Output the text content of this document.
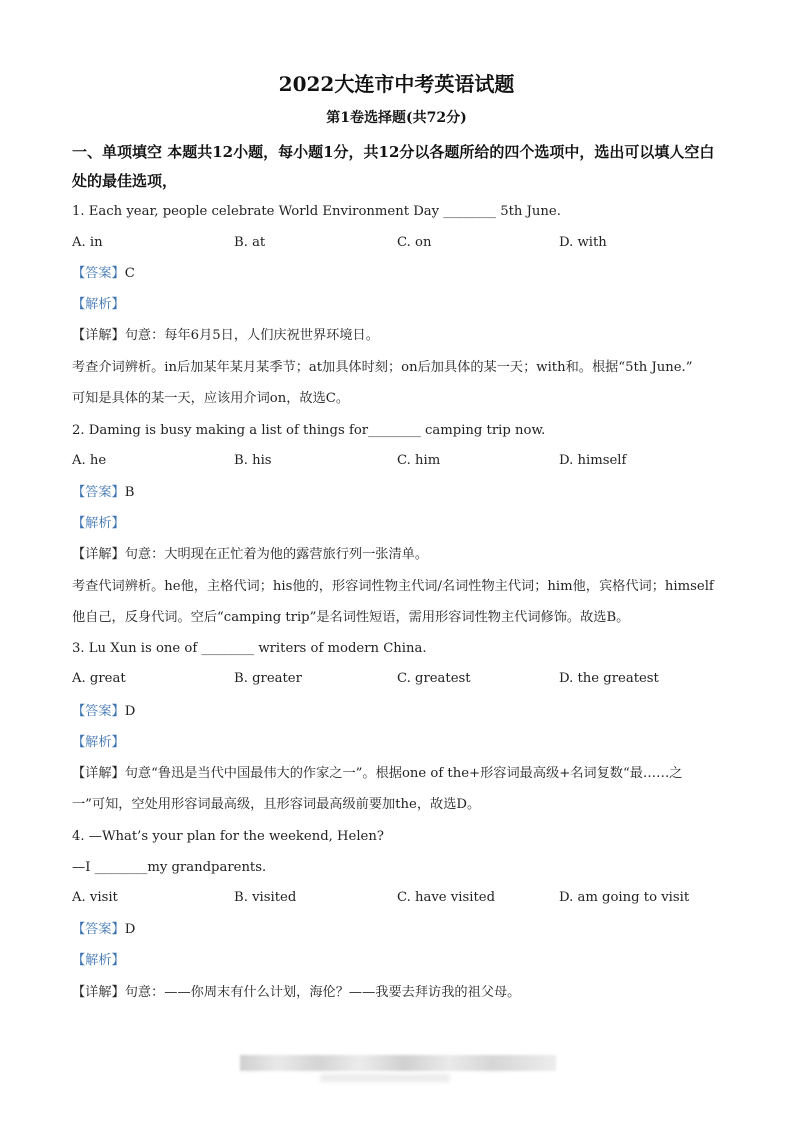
2022大连市中考英语试题
第1卷选择题(共72分)
一、单项填空 本题共12小题，每小题1分，共12分以各题所给的四个选项中，选出可以填人空白处的最佳选项，
1. Each year, people celebrate World Environment Day ________ 5th June.
A. in	B. at	C. on	D. with
【答案】C
【解析】
【详解】句意：每年6月5日，人们庆祝世界环境日。
考查介词辨析。in后加某年某月某季节；at加具体时刻；on后加具体的某一天；with和。根据“5th June.”
可知是具体的某一天，应该用介词on，故选C。
2. Daming is busy making a list of things for________ camping trip now.
A. he	B. his	C. him	D. himself
【答案】B
【解析】
【详解】句意：大明现在正忙着为他的露营旅行列一张清单。
考查代词辨析。he他，主格代词；his他的，形容词性物主代词/名词性物主代词；him他，宾格代词；himself
他自己，反身代词。空后“camping trip”是名词性短语，需用形容词性物主代词修饰。故选B。
3. Lu Xun is one of ________ writers of modern China.
A. great	B. greater	C. greatest	D. the greatest
【答案】D
【解析】
【详解】句意“鲁迅是当代中国最伟大的作家之一”。根据one of the+形容词最高级+名词复数“最……之
一”可知，空处用形容词最高级，且形容词最高级前要加the，故选D。
4. —What’s your plan for the weekend, Helen?
—I ________my grandparents.
A. visit	B. visited	C. have visited	D. am going to visit
【答案】D
【解析】
【详解】句意：——你周末有什么计划，海伦？——我要去拜访我的祖父母。
